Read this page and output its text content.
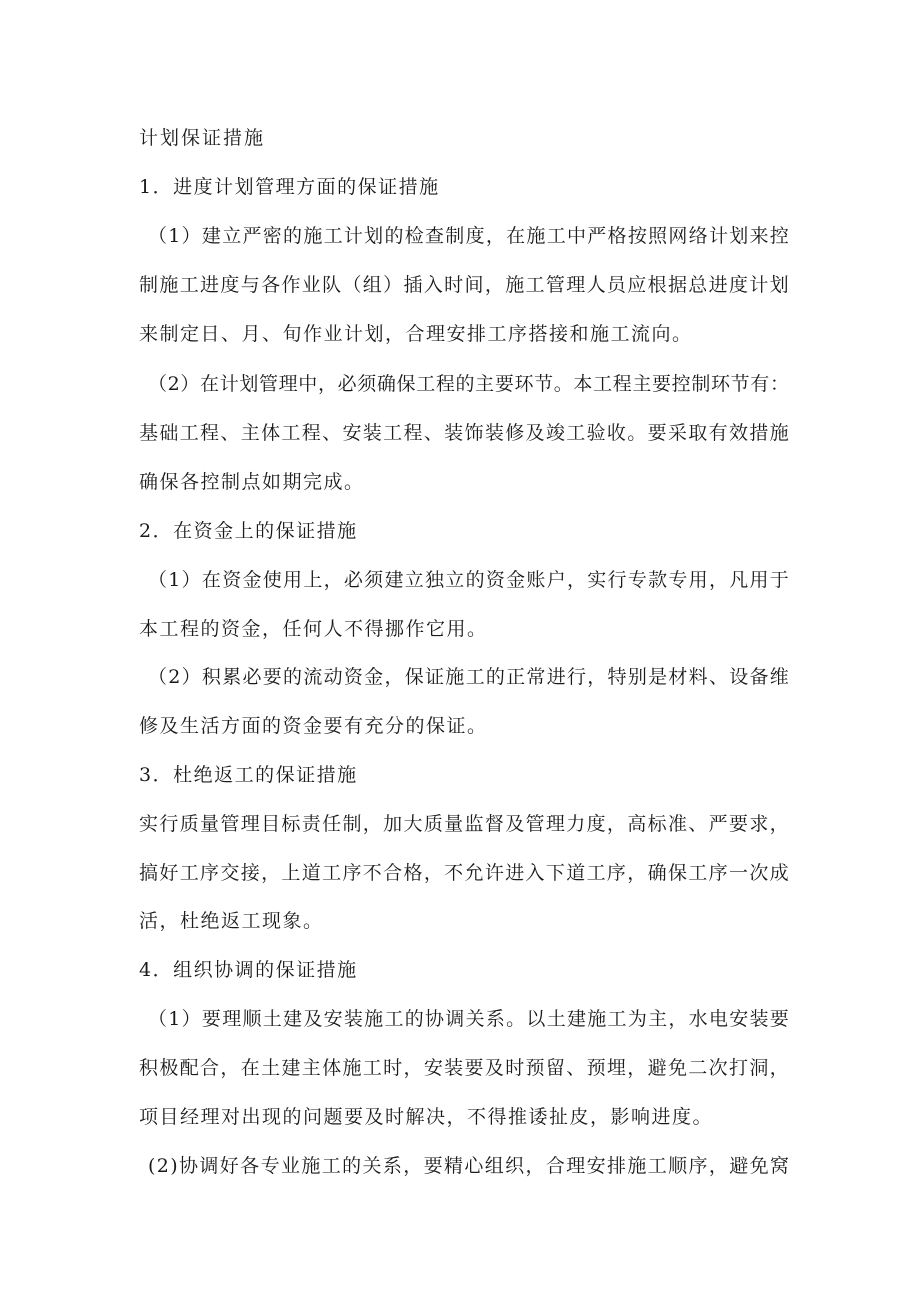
计划保证措施
1．进度计划管理方面的保证措施
（1）建立严密的施工计划的检查制度，在施工中严格按照网络计划来控
制施工进度与各作业队（组）插入时间，施工管理人员应根据总进度计划
来制定日、月、旬作业计划，合理安排工序搭接和施工流向。
（2）在计划管理中，必须确保工程的主要环节。本工程主要控制环节有：
基础工程、主体工程、安装工程、装饰装修及竣工验收。要采取有效措施
确保各控制点如期完成。
2．在资金上的保证措施
（1）在资金使用上，必须建立独立的资金账户，实行专款专用，凡用于
本工程的资金，任何人不得挪作它用。
（2）积累必要的流动资金，保证施工的正常进行，特别是材料、设备维
修及生活方面的资金要有充分的保证。
3．杜绝返工的保证措施
实行质量管理目标责任制，加大质量监督及管理力度，高标准、严要求，
搞好工序交接，上道工序不合格，不允许进入下道工序，确保工序一次成
活，杜绝返工现象。
4．组织协调的保证措施
（1）要理顺土建及安装施工的协调关系。以土建施工为主，水电安装要
积极配合，在土建主体施工时，安装要及时预留、预埋，避免二次打洞，
项目经理对出现的问题要及时解决，不得推诿扯皮，影响进度。
(2)协调好各专业施工的关系，要精心组织，合理安排施工顺序，避免窝
